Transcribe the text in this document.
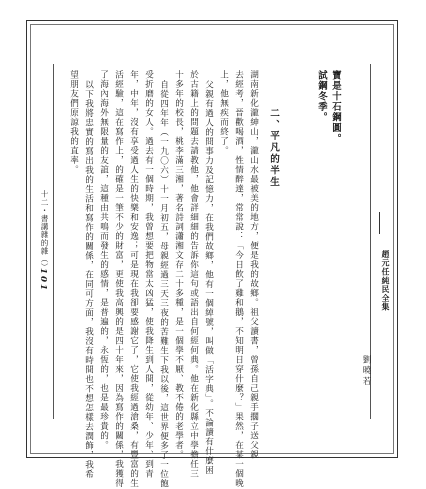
趙元任純民全集
劉曉若
寶是十石鋼圓。
試鋼冬季。
二、平凡的半生
湖南新化瀧紳山，瀧山水最被美的地方，便是我的故鄉。祖父讀書，曾孫自己親手擱子送父親
去經考，晉歡喝酒，性情醉達，常常說：「今日飲了雞和鵝，不知明日穿什麼？」果然，在某一個晚
上，他無疾而終了。
父親有過人的問事力及記憶力，在我們故鄉，他有一個綽號，叫做「活字典」。不論讀有什麼困
於古籍上的問題去請教他，他會詳細細的告訴你這句或語出自何經何典。他在新化縣立中學擔任三
十多年的校長，桃李滿三湘，著名詩詞瀟湘文存二十多種，是一個學不厭、教不倦的老學者。
自從四年年（一九〇六）十一月初五，母親經過三天三夜的苦難生下我以後，這世界便多了一位飽
受折磨的女人。過去有一個時期，我曾想要把物當太凶猛，使我降生到人間，從幼年、少年、到青
年，中年，沒有享受過人生的快樂和安逸；可是現在我卻要感謝它了，它使我經過滄桑，有豐富的生
活經驗，這在寫作上，的確是一筆不少的財富，更使我高興的是四十年來，因為寫作的關係，我獲得
了海內海外無限量的友誼，這種由共鳴而發生的感情，是普遍的，永恆的，也是最珍貴的。
以下我將忠實的寫出我的生活和寫作的關係，在同可方面，我沒有時間也不想怎樣去潤飾，我希
望朋友們原諒我的直率。
十二・書講雜的雜（）
101
